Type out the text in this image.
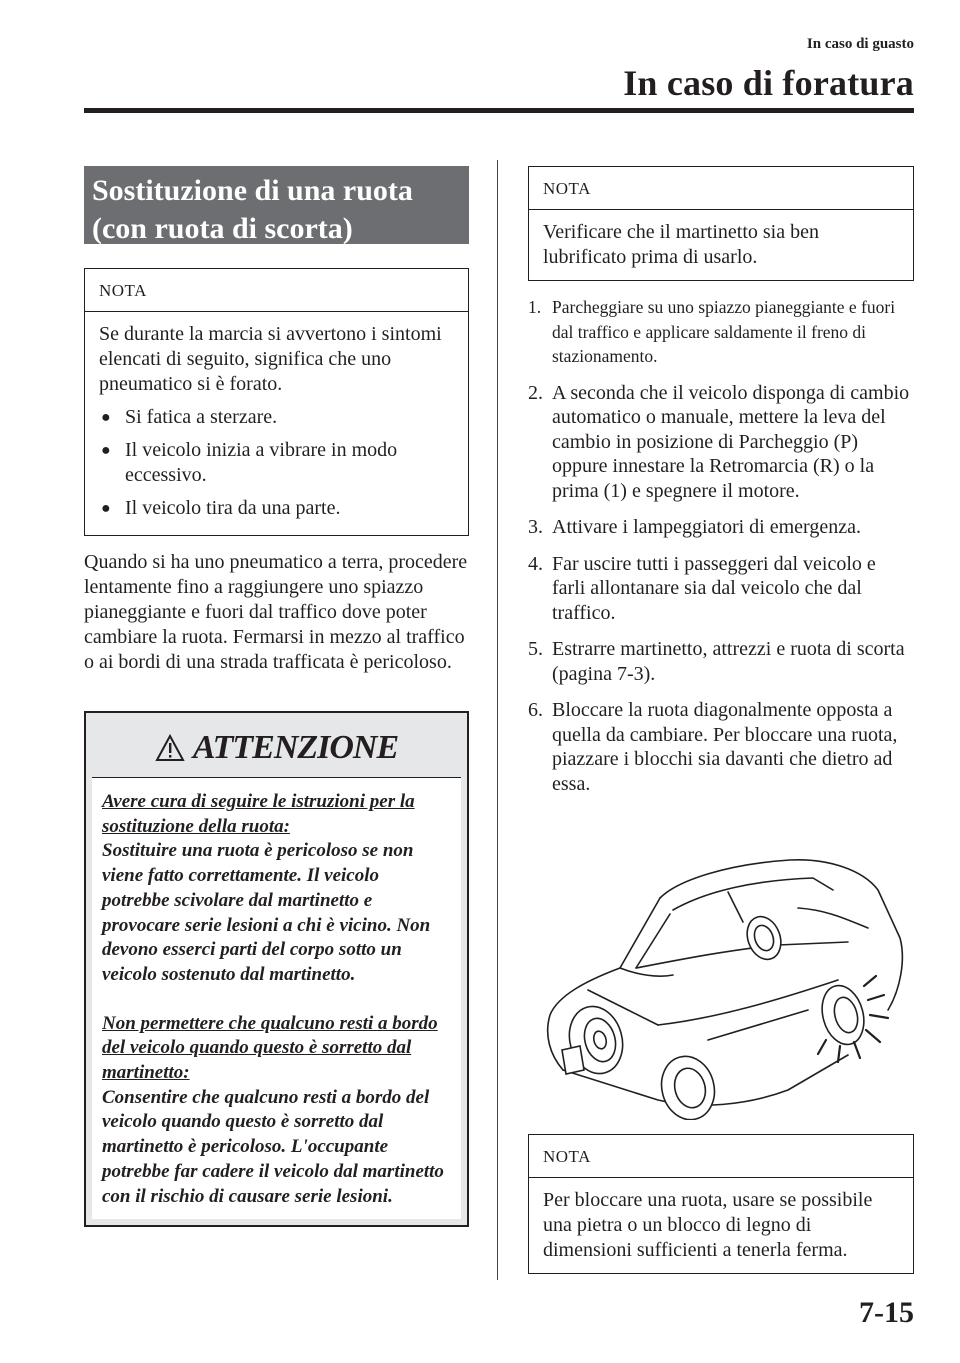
In caso di guasto
In caso di foratura
Sostituzione di una ruota
(con ruota di scorta)
NOTA
Se durante la marcia si avvertono i sintomi elencati di seguito, significa che uno pneumatico si è forato.
● Si fatica a sterzare.
● Il veicolo inizia a vibrare in modo eccessivo.
● Il veicolo tira da una parte.
Quando si ha uno pneumatico a terra, procedere lentamente fino a raggiungere uno spiazzo pianeggiante e fuori dal traffico dove poter cambiare la ruota. Fermarsi in mezzo al traffico o ai bordi di una strada trafficata è pericoloso.
ATTENZIONE
Avere cura di seguire le istruzioni per la sostituzione della ruota:
Sostituire una ruota è pericoloso se non viene fatto correttamente. Il veicolo potrebbe scivolare dal martinetto e provocare serie lesioni a chi è vicino. Non devono esserci parti del corpo sotto un veicolo sostenuto dal martinetto.
Non permettere che qualcuno resti a bordo del veicolo quando questo è sorretto dal martinetto:
Consentire che qualcuno resti a bordo del veicolo quando questo è sorretto dal martinetto è pericoloso. L'occupante potrebbe far cadere il veicolo dal martinetto con il rischio di causare serie lesioni.
NOTA
Verificare che il martinetto sia ben lubrificato prima di usarlo.
1. Parcheggiare su uno spiazzo pianeggiante e fuori dal traffico e applicare saldamente il freno di stazionamento.
2. A seconda che il veicolo disponga di cambio automatico o manuale, mettere la leva del cambio in posizione di Parcheggio (P) oppure innestare la Retromarcia (R) o la prima (1) e spegnere il motore.
3. Attivare i lampeggiatori di emergenza.
4. Far uscire tutti i passeggeri dal veicolo e farli allontanare sia dal veicolo che dal traffico.
5. Estrarre martinetto, attrezzi e ruota di scorta (pagina 7-3).
6. Bloccare la ruota diagonalmente opposta a quella da cambiare. Per bloccare una ruota, piazzare i blocchi sia davanti che dietro ad essa.
NOTA
Per bloccare una ruota, usare se possibile una pietra o un blocco di legno di dimensioni sufficienti a tenerla ferma.
7-15
